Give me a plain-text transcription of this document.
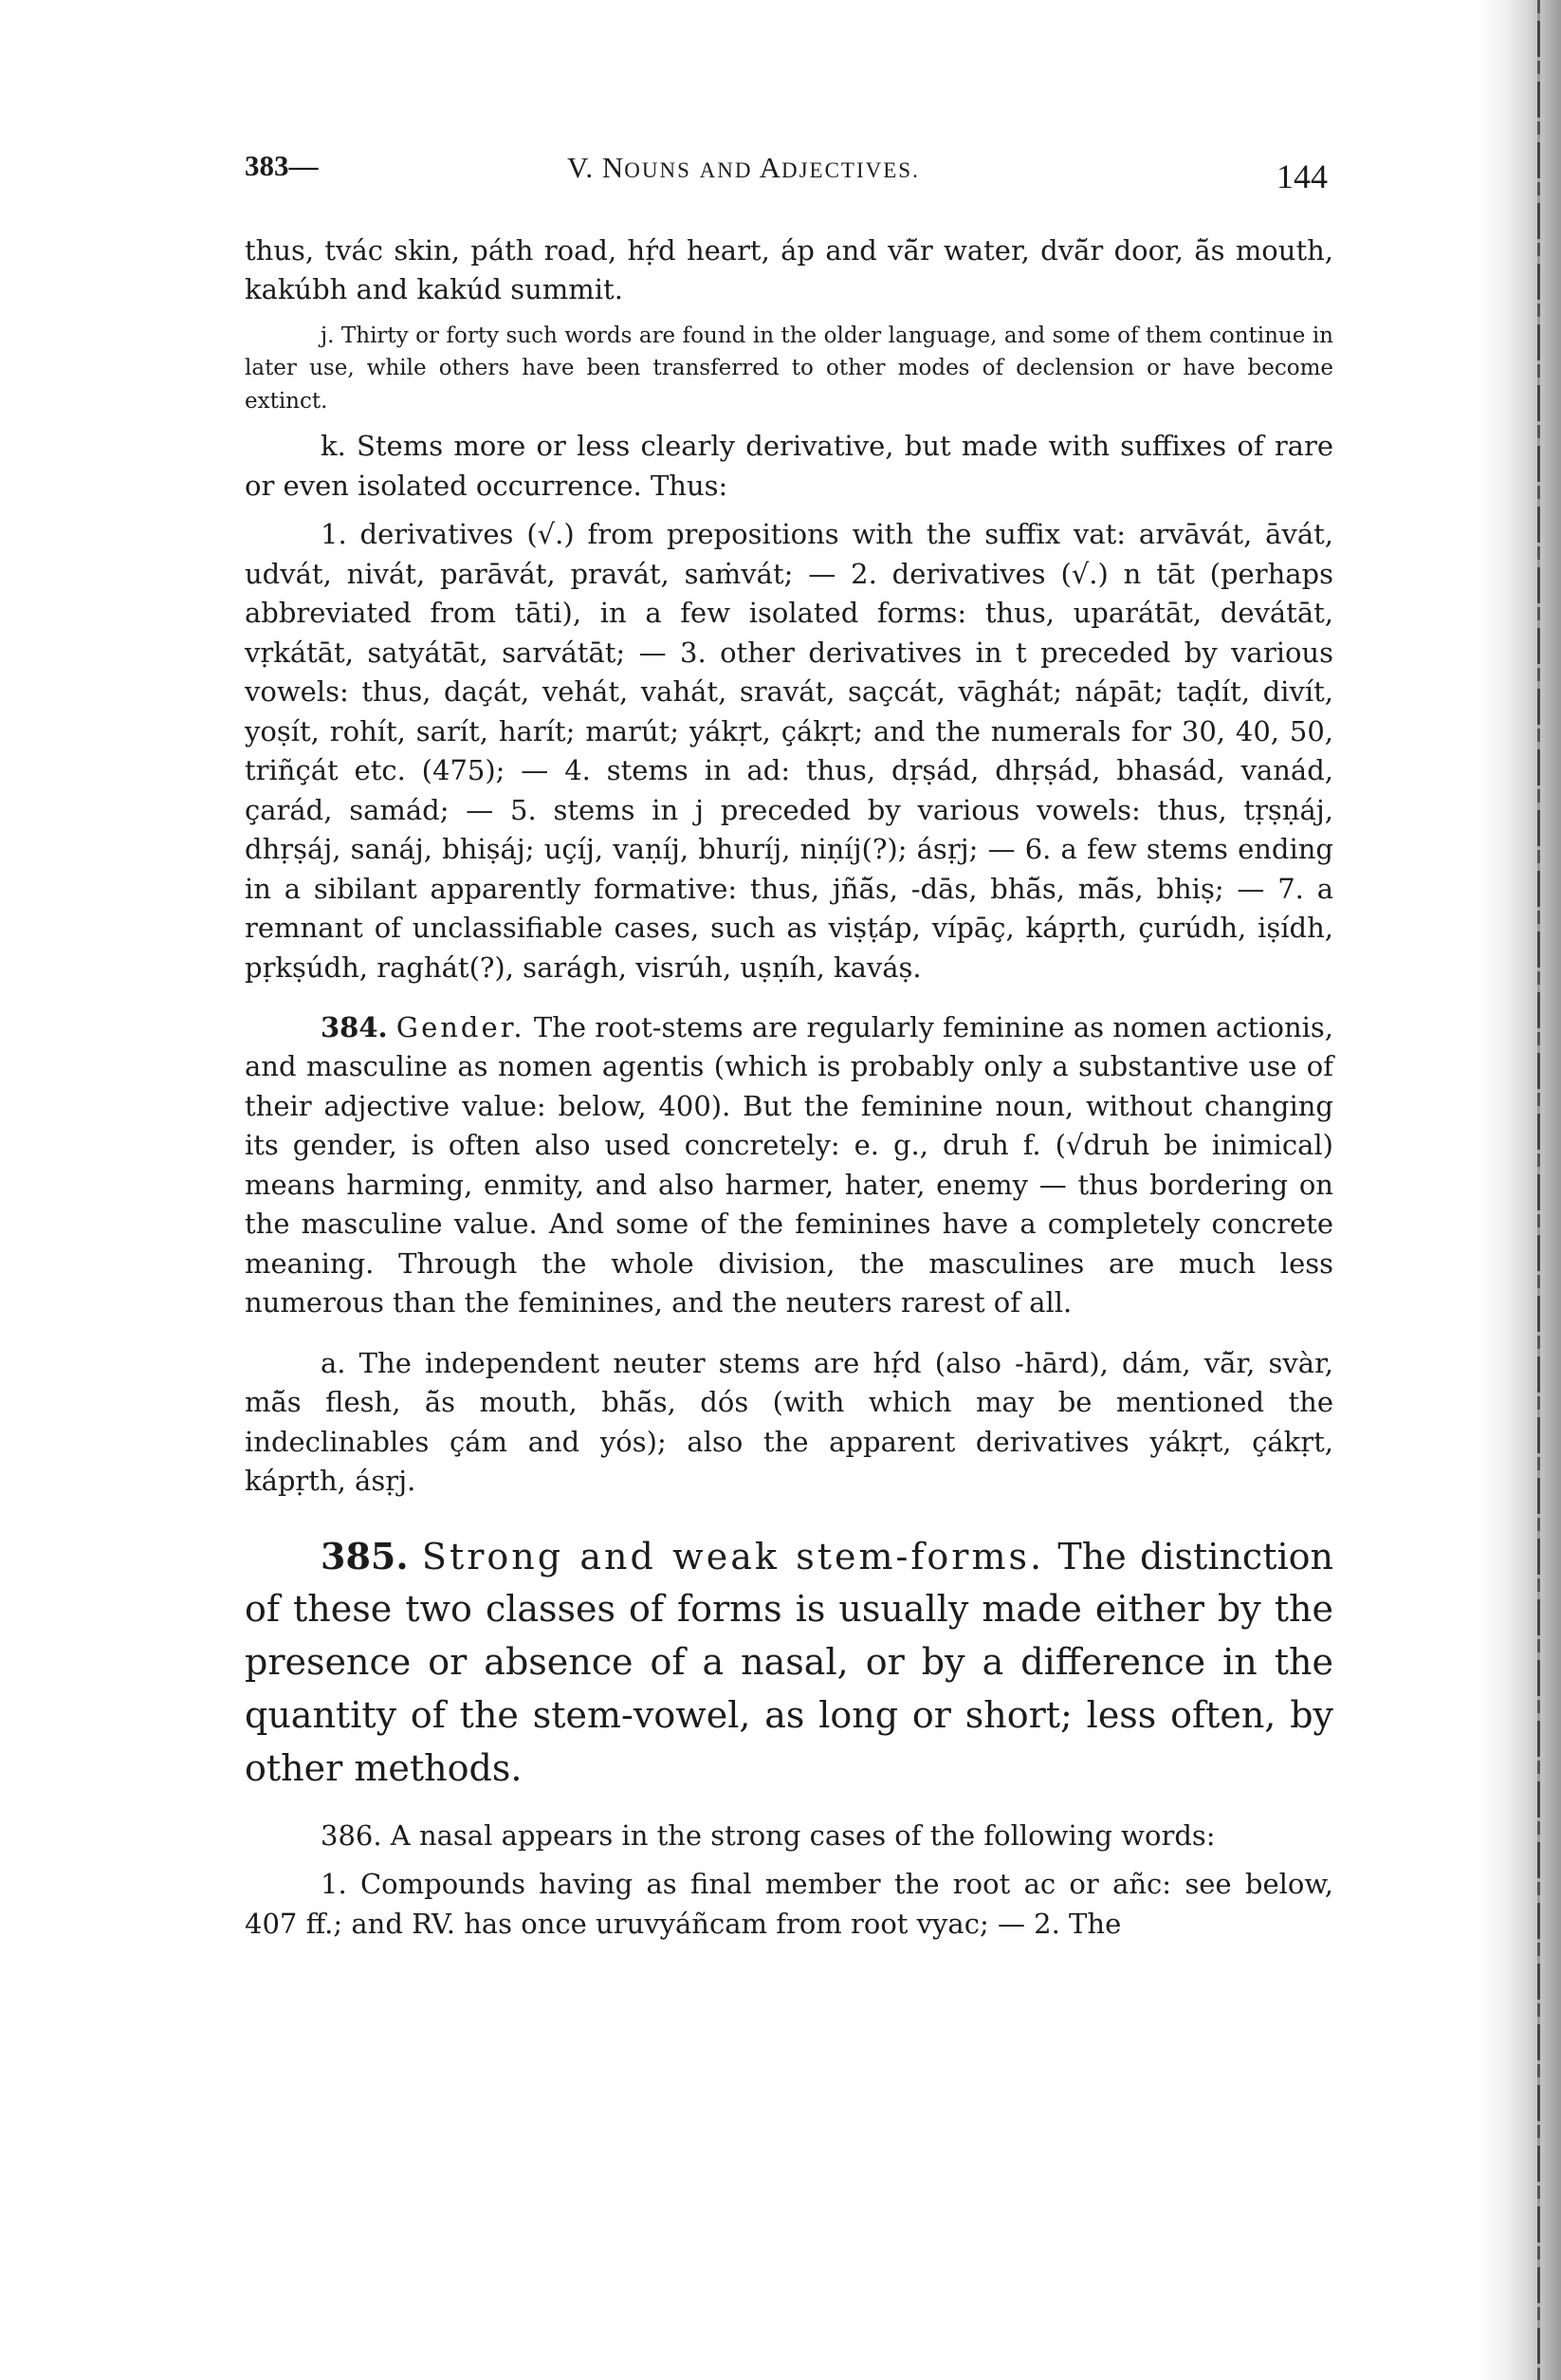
383—	V. NOUNS AND ADJECTIVES.	144

thus, tvác skin, páth road, hṛ́d heart, áp and vā̆r water, dvā̆r door, ā̆s mouth, kakúbh and kakúd summit.

j. Thirty or forty such words are found in the older language, and some of them continue in later use, while others have been transferred to other modes of declension or have become extinct.

k. Stems more or less clearly derivative, but made with suffixes of rare or even isolated occurrence. Thus:

1. derivatives (√.) from prepositions with the suffix vat: arvāvát, āvát, udvát, nivát, parāvát, pravát, saṁvát; — 2. derivatives (√.) n tāt (perhaps abbreviated from tāti), in a few isolated forms: thus, uparátāt, devátāt, vṛkátāt, satyátāt, sarvátāt; — 3. other derivatives in t preceded by various vowels: thus, daçát, vehát, vahát, sravát, saçcát, vāghát; nápāt; taḍít, divít, yoṣít, rohít, sarít, harít; marút; yákṛt, çákṛt; and the numerals for 30, 40, 50, triñçát etc. (475); — 4. stems in ad: thus, dṛṣád, dhṛṣád, bhasád, vanád, çarád, samád; — 5. stems in j preceded by various vowels: thus, tṛṣṇáj, dhṛṣáj, sanáj, bhiṣáj; uçíj, vaṇíj, bhuríj, niṇíj(?); ásṛj; — 6. a few stems ending in a sibilant apparently formative: thus, jñā̆s, -dās, bhā̆s, mā̆s, bhiṣ; — 7. a remnant of unclassifiable cases, such as viṣṭáp, vípāç, kápṛth, çurúdh, iṣídh, pṛkṣúdh, raghát(?), sarágh, visrúh, uṣṇíh, kaváṣ.

384. Gender. The root-stems are regularly feminine as nomen actionis, and masculine as nomen agentis (which is probably only a substantive use of their adjective value: below, 400). But the feminine noun, without changing its gender, is often also used concretely: e. g., druh f. (√druh be inimical) means harming, enmity, and also harmer, hater, enemy — thus bordering on the masculine value. And some of the feminines have a completely concrete meaning. Through the whole division, the masculines are much less numerous than the feminines, and the neuters rarest of all.

a. The independent neuter stems are hṛ́d (also -hārd), dám, vā̆r, svàr, mā̆s flesh, ā̆s mouth, bhā̆s, dós (with which may be mentioned the indeclinables çám and yós); also the apparent derivatives yákṛt, çákṛt, kápṛth, ásṛj.

385. Strong and weak stem-forms. The distinction of these two classes of forms is usually made either by the presence or absence of a nasal, or by a difference in the quantity of the stem-vowel, as long or short; less often, by other methods.

386. A nasal appears in the strong cases of the following words:

1. Compounds having as final member the root ac or añc: see below, 407 ff.; and RV. has once uruvyáñcam from root vyac; — 2. The
